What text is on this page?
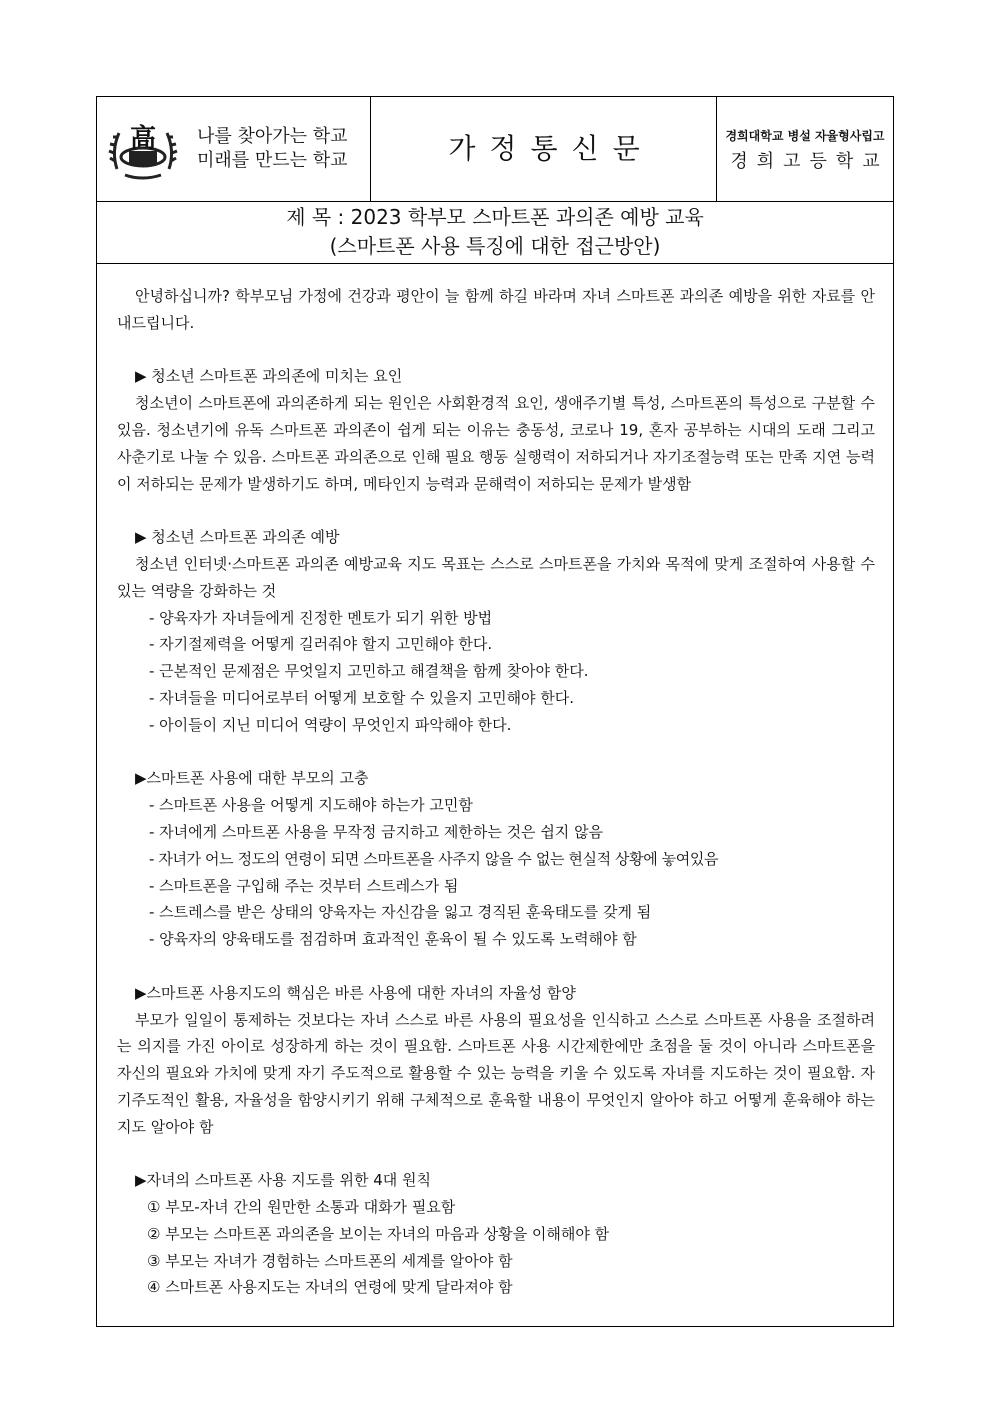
高 나를 찾아가는 학교
미래를 만드는 학교	가정통신문	경희대학교 병설 자율형사립고
경희고등학교
제 목 : 2023 학부모 스마트폰 과의존 예방 교육
(스마트폰 사용 특징에 대한 접근방안)

안녕하십니까? 학부모님 가정에 건강과 평안이 늘 함께 하길 바라며 자녀 스마트폰 과의존 예방을 위한 자료를 안내드립니다.

▶ 청소년 스마트폰 과의존에 미치는 요인

청소년이 스마트폰에 과의존하게 되는 원인은 사회환경적 요인, 생애주기별 특성, 스마트폰의 특성으로 구분할 수 있음. 청소년기에 유독 스마트폰 과의존이 쉽게 되는 이유는 충동성, 코로나 19, 혼자 공부하는 시대의 도래 그리고 사춘기로 나눌 수 있음. 스마트폰 과의존으로 인해 필요 행동 실행력이 저하되거나 자기조절능력 또는 만족 지연 능력이 저하되는 문제가 발생하기도 하며, 메타인지 능력과 문해력이 저하되는 문제가 발생함

▶ 청소년 스마트폰 과의존 예방

청소년 인터넷·스마트폰 과의존 예방교육 지도 목표는 스스로 스마트폰을 가치와 목적에 맞게 조절하여 사용할 수 있는 역량을 강화하는 것

- 양육자가 자녀들에게 진정한 멘토가 되기 위한 방법

- 자기절제력을 어떻게 길러줘야 할지 고민해야 한다.

- 근본적인 문제점은 무엇일지 고민하고 해결책을 함께 찾아야 한다.

- 자녀들을 미디어로부터 어떻게 보호할 수 있을지 고민해야 한다.

- 아이들이 지닌 미디어 역량이 무엇인지 파악해야 한다.

▶스마트폰 사용에 대한 부모의 고충

- 스마트폰 사용을 어떻게 지도해야 하는가 고민함

- 자녀에게 스마트폰 사용을 무작정 금지하고 제한하는 것은 쉽지 않음

- 자녀가 어느 정도의 연령이 되면 스마트폰을 사주지 않을 수 없는 현실적 상황에 놓여있음

- 스마트폰을 구입해 주는 것부터 스트레스가 됨

- 스트레스를 받은 상태의 양육자는 자신감을 잃고 경직된 훈육태도를 갖게 됨

- 양육자의 양육태도를 점검하며 효과적인 훈육이 될 수 있도록 노력해야 함

▶스마트폰 사용지도의 핵심은 바른 사용에 대한 자녀의 자율성 함양

부모가 일일이 통제하는 것보다는 자녀 스스로 바른 사용의 필요성을 인식하고 스스로 스마트폰 사용을 조절하려는 의지를 가진 아이로 성장하게 하는 것이 필요함. 스마트폰 사용 시간제한에만 초점을 둘 것이 아니라 스마트폰을 자신의 필요와 가치에 맞게 자기 주도적으로 활용할 수 있는 능력을 키울 수 있도록 자녀를 지도하는 것이 필요함. 자기주도적인 활용, 자율성을 함양시키기 위해 구체적으로 훈육할 내용이 무엇인지 알아야 하고 어떻게 훈육해야 하는지도 알아야 함

▶자녀의 스마트폰 사용 지도를 위한 4대 원칙

① 부모-자녀 간의 원만한 소통과 대화가 필요함

② 부모는 스마트폰 과의존을 보이는 자녀의 마음과 상황을 이해해야 함

③ 부모는 자녀가 경험하는 스마트폰의 세계를 알아야 함

④ 스마트폰 사용지도는 자녀의 연령에 맞게 달라져야 함
